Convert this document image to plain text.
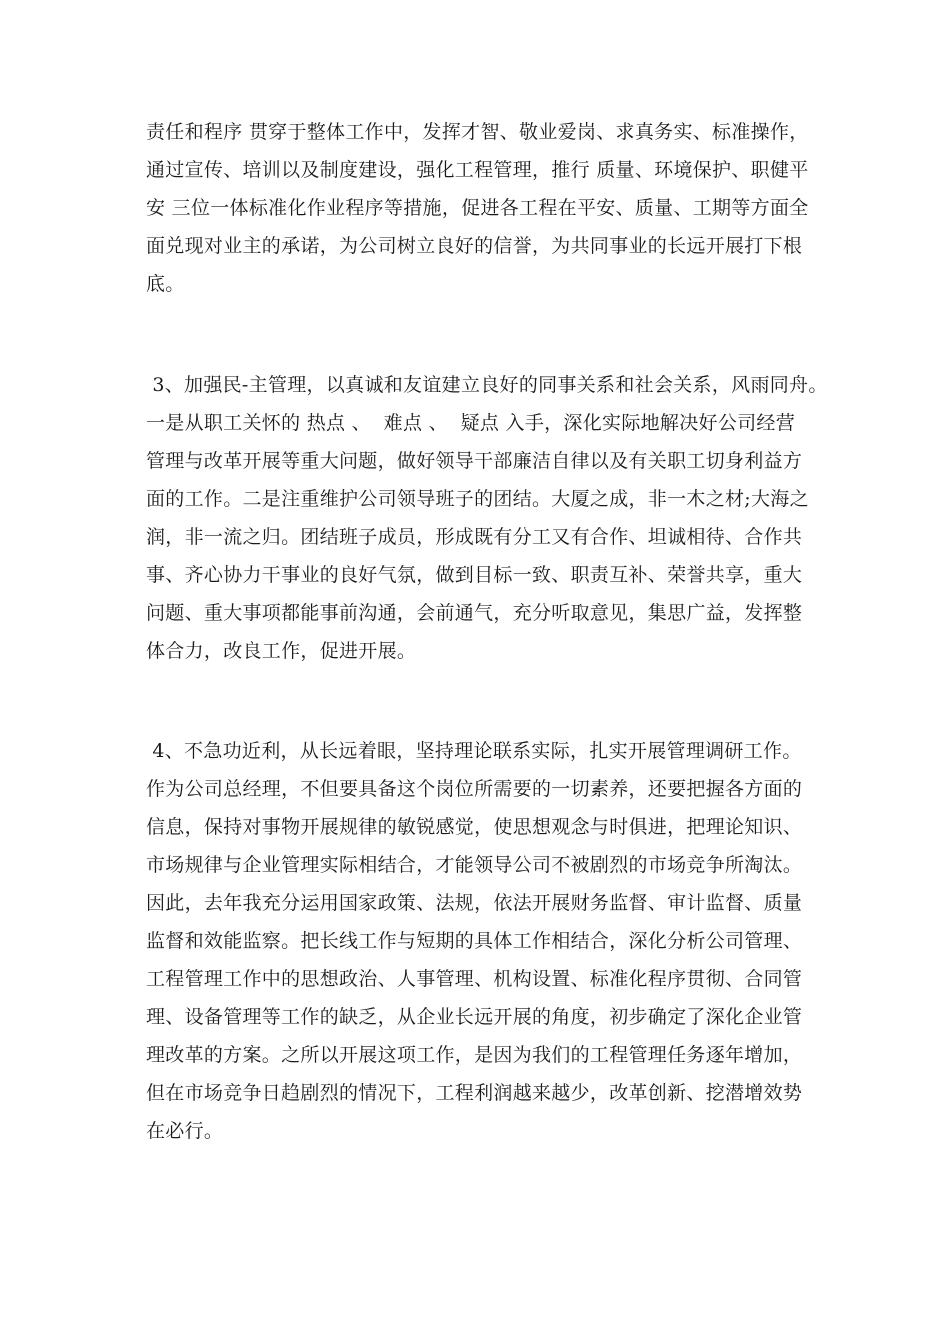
责任和程序 贯穿于整体工作中，发挥才智、敬业爱岗、求真务实、标准操作，
通过宣传、培训以及制度建设，强化工程管理，推行 质量、环境保护、职健平
安 三位一体标准化作业程序等措施，促进各工程在平安、质量、工期等方面全
面兑现对业主的承诺，为公司树立良好的信誉，为共同事业的长远开展打下根
底。
3、加强民-主管理，以真诚和友谊建立良好的同事关系和社会关系，风雨同舟。
一是从职工关怀的 热点 、  难点 、  疑点 入手，深化实际地解决好公司经营
管理与改革开展等重大问题，做好领导干部廉洁自律以及有关职工切身利益方
面的工作。二是注重维护公司领导班子的团结。大厦之成，非一木之材;大海之
润，非一流之归。团结班子成员，形成既有分工又有合作、坦诚相待、合作共
事、齐心协力干事业的良好气氛，做到目标一致、职责互补、荣誉共享，重大
问题、重大事项都能事前沟通，会前通气，充分听取意见，集思广益，发挥整
体合力，改良工作，促进开展。
4、不急功近利，从长远着眼，坚持理论联系实际，扎实开展管理调研工作。
作为公司总经理，不但要具备这个岗位所需要的一切素养，还要把握各方面的
信息，保持对事物开展规律的敏锐感觉，使思想观念与时俱进，把理论知识、
市场规律与企业管理实际相结合，才能领导公司不被剧烈的市场竞争所淘汰。
因此，去年我充分运用国家政策、法规，依法开展财务监督、审计监督、质量
监督和效能监察。把长线工作与短期的具体工作相结合，深化分析公司管理、
工程管理工作中的思想政治、人事管理、机构设置、标准化程序贯彻、合同管
理、设备管理等工作的缺乏，从企业长远开展的角度，初步确定了深化企业管
理改革的方案。之所以开展这项工作，是因为我们的工程管理任务逐年增加，
但在市场竞争日趋剧烈的情况下，工程利润越来越少，改革创新、挖潜增效势
在必行。
